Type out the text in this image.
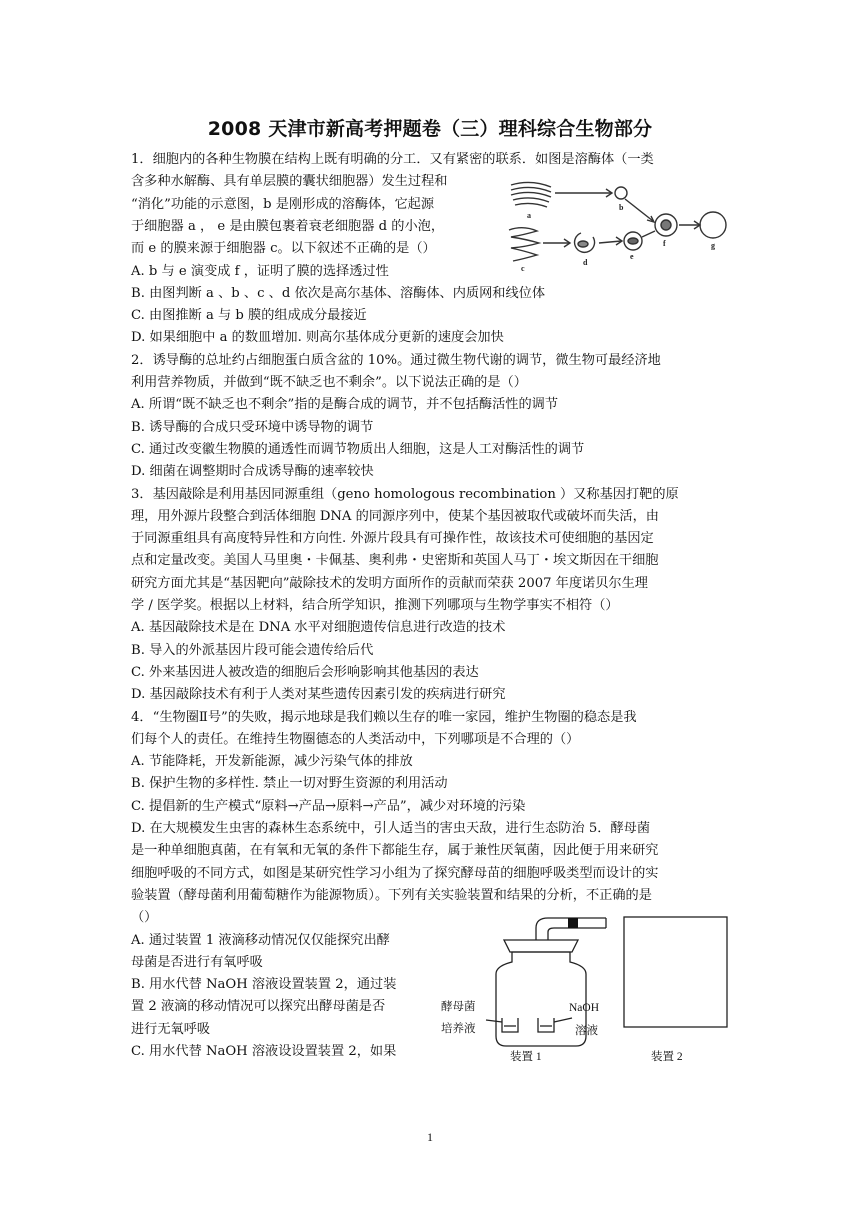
2008 天津市新高考押题卷（三）理科综合生物部分
1．细胞内的各种生物膜在结构上既有明确的分工．又有紧密的联系．如图是溶酶体（一类
含多种水解酶、具有单层膜的囊状细胞器）发生过程和
“消化”功能的示意图，b 是刚形成的溶酶体，它起源
于细胞器 a ， e 是由膜包裹着衰老细胞器 d 的小泡，
而 e 的膜来源于细胞器 c。以下叙述不正确的是（）
A. b 与 e 演变成 f ，证明了膜的选择透过性
B. 由图判断 a 、b 、c 、d 依次是高尔基体、溶酶体、内质网和线位体
C. 由图推断 a 与 b 膜的组成成分最接近
D. 如果细胞中 a 的数皿增加. 则高尔基体成分更新的速度会加快
2．诱导酶的总址约占细胞蛋白质含盆的 10%。通过微生物代谢的调节，微生物可最经济地
利用营养物质，并做到“既不缺乏也不剩余”。以下说法正确的是（）
A. 所谓“既不缺乏也不剩余”指的是酶合成的调节，并不包括酶活性的调节
B. 诱导酶的合成只受环境中诱导物的调节
C. 通过改变徽生物膜的通透性而调节物质出人细胞，这是人工对酶活性的调节
D. 细菌在调整期时合成诱导酶的速率较快
3．基因敲除是利用基因同源重组（geno homologous recombination ）又称基因打靶的原
理，用外源片段整合到活体细胞 DNA 的同源序列中，使某个基因被取代或破坏而失活，由
于同源重组具有高度特异性和方向性. 外源片段具有可操作性，故该技术可使细胞的基因定
点和定量改变。美国人马里奥・卡佩基、奥利弗・史密斯和英国人马丁・埃文斯因在干细胞
研究方面尤其是“基因靶向”敲除技术的发明方面所作的贡献而荣获 2007 年度诺贝尔生理
学 / 医学奖。根据以上材料，结合所学知识，推测下列哪项与生物学事实不相符（）
A. 基因敲除技术是在 DNA 水平对细胞遗传信息进行改造的技术
B. 导入的外派基因片段可能会遗传给后代
C. 外来基因进人被改造的细胞后会形响影响其他基因的表达
D. 基因敲除技术有利于人类对某些遗传因素引发的疾病进行研究
4．“生物圈Ⅱ号”的失败，揭示地球是我们赖以生存的唯一家园，维护生物圈的稳态是我
们每个人的责任。在维持生物圈德态的人类活动中，下列哪项是不合理的（）
A. 节能降耗，开发新能源，减少污染气体的排放
B. 保护生物的多样性. 禁止一切对野生资源的利用活动
C. 提倡新的生产模式“原料→产品→原料→产品”，减少对环境的污染
D. 在大规模发生虫害的森林生态系统中，引人适当的害虫天敌，进行生态防治 5．酵母菌
是一种单细胞真菌，在有氧和无氧的条件下都能生存，属于兼性厌氧菌，因此便于用来研究
细胞呼吸的不同方式，如图是某研究性学习小组为了探究酵母苗的细胞呼吸类型而设计的实
验装置（酵母菌利用葡萄糖作为能源物质）。下列有关实验装置和结果的分析，不正确的是
（）
A. 通过装置 1 液滴移动情况仅仅能探究出酵
母菌是否进行有氧呼吸
B. 用水代替 NaOH 溶液设置装置 2，通过装
置 2 液滴的移动情况可以探究出酵母菌是否
进行无氧呼吸
C. 用水代替 NaOH 溶液设设置装置 2，如果
a
b
f	g
c
d
e
酵母菌
培养液
NaOH
溶液
装置 1	装置 2
1
